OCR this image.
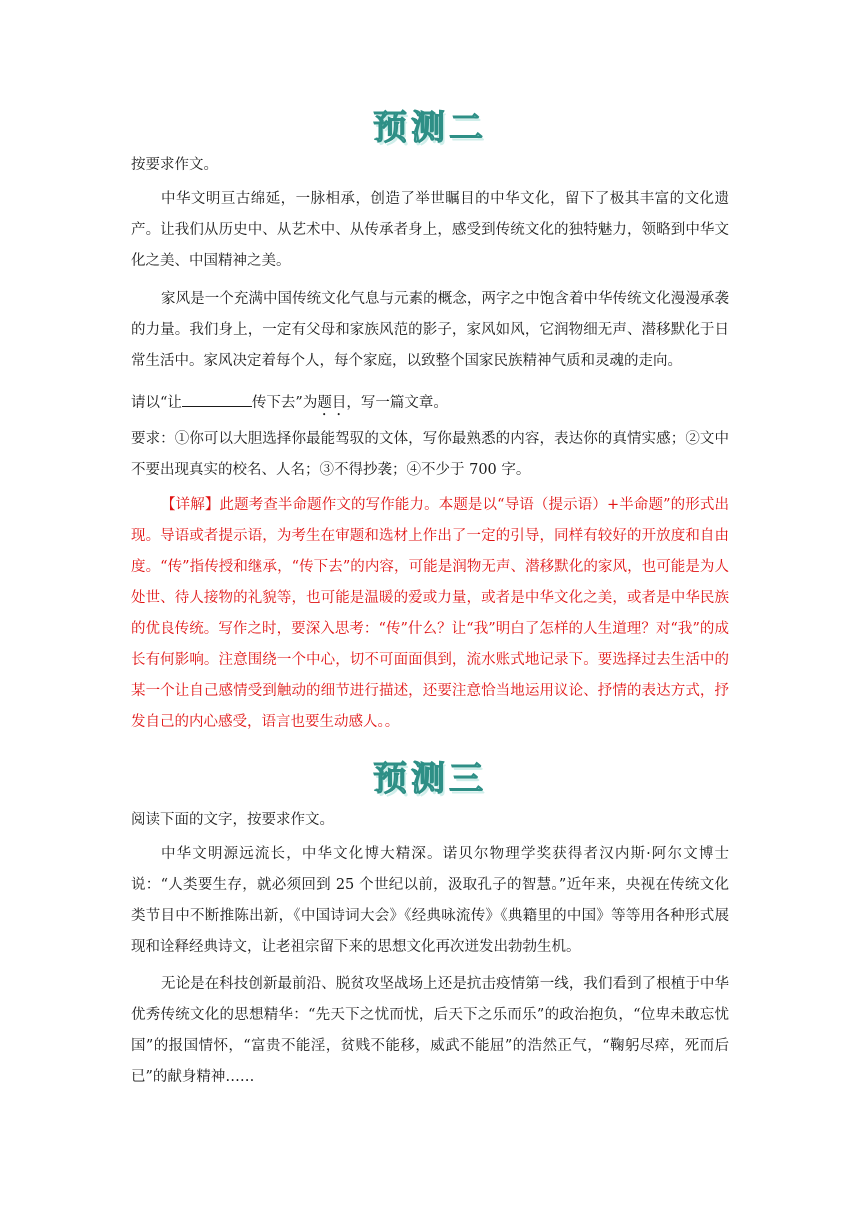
预测二

按要求作文。

中华文明亘古绵延，一脉相承，创造了举世瞩目的中华文化，留下了极其丰富的文化遗产。让我们从历史中、从艺术中、从传承者身上，感受到传统文化的独特魅力，领略到中华文化之美、中国精神之美。

家风是一个充满中国传统文化气息与元素的概念，两字之中饱含着中华传统文化漫漫承袭的力量。我们身上，一定有父母和家族风范的影子，家风如风，它润物细无声、潜移默化于日常生活中。家风决定着每个人，每个家庭，以致整个国家民族精神气质和灵魂的走向。

请以“让	传下去”为题目，写一篇文章。

要求：①你可以大胆选择你最能驾驭的文体，写你最熟悉的内容，表达你的真情实感；②文中不要出现真实的校名、人名；③不得抄袭；④不少于 700 字。

【详解】此题考查半命题作文的写作能力。本题是以“导语（提示语）+半命题”的形式出现。导语或者提示语，为考生在审题和选材上作出了一定的引导，同样有较好的开放度和自由度。“传”指传授和继承，“传下去”的内容，可能是润物无声、潜移默化的家风，也可能是为人处世、待人接物的礼貌等，也可能是温暖的爱或力量，或者是中华文化之美，或者是中华民族的优良传统。写作之时，要深入思考：“传”什么？让“我”明白了怎样的人生道理？对“我”的成长有何影响。注意围绕一个中心，切不可面面俱到，流水账式地记录下。要选择过去生活中的某一个让自己感情受到触动的细节进行描述，还要注意恰当地运用议论、抒情的表达方式，抒发自己的内心感受，语言也要生动感人。。

预测三

阅读下面的文字，按要求作文。

中华文明源远流长，中华文化博大精深。诺贝尔物理学奖获得者汉内斯·阿尔文博士说：“人类要生存，就必须回到 25 个世纪以前，汲取孔子的智慧。”近年来，央视在传统文化类节目中不断推陈出新，《中国诗词大会》《经典咏流传》《典籍里的中国》等等用各种形式展现和诠释经典诗文，让老祖宗留下来的思想文化再次迸发出勃勃生机。

无论是在科技创新最前沿、脱贫攻坚战场上还是抗击疫情第一线，我们看到了根植于中华优秀传统文化的思想精华：“先天下之忧而忧，后天下之乐而乐”的政治抱负，“位卑未敢忘忧国”的报国情怀，“富贵不能淫，贫贱不能移，威武不能屈”的浩然正气，“鞠躬尽瘁，死而后已”的献身精神……
